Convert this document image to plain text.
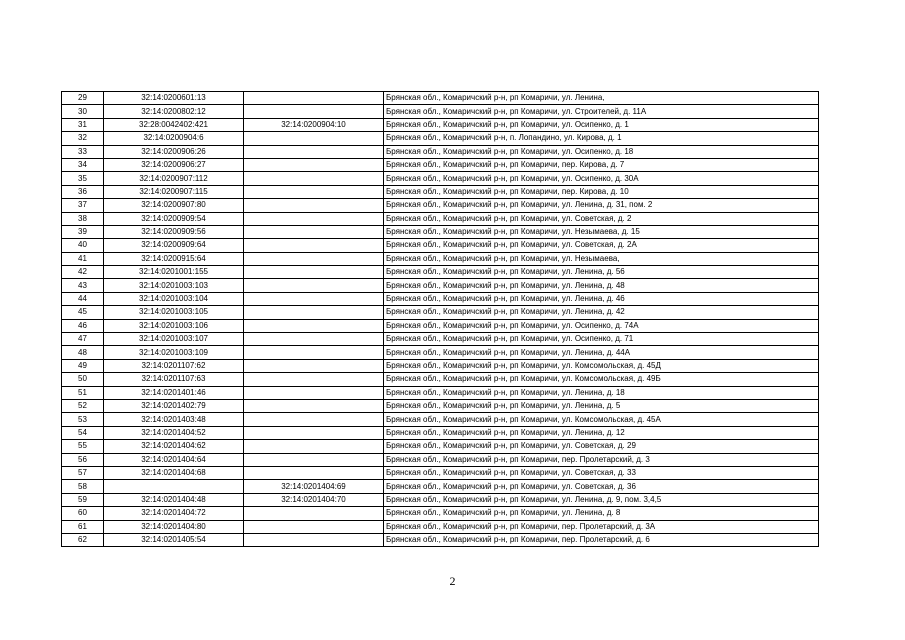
29	32:14:0200601:13		Брянская обл., Комаричский р-н, рп Комаричи, ул. Ленина,
30	32:14:0200802:12		Брянская обл., Комаричский р-н, рп Комаричи, ул. Строителей, д. 11А
31	32:28:0042402:421	32:14:0200904:10	Брянская обл., Комаричский р-н, рп Комаричи, ул. Осипенко, д. 1
32	32:14:0200904:6		Брянская обл., Комаричский р-н, п. Лопандино, ул. Кирова, д. 1
33	32:14:0200906:26		Брянская обл., Комаричский р-н, рп Комаричи, ул. Осипенко, д. 18
34	32:14:0200906:27		Брянская обл., Комаричский р-н, рп Комаричи, пер. Кирова, д. 7
35	32:14:0200907:112		Брянская обл., Комаричский р-н, рп Комаричи, ул. Осипенко, д. 30А
36	32:14:0200907:115		Брянская обл., Комаричский р-н, рп Комаричи, пер. Кирова, д. 10
37	32:14:0200907:80		Брянская обл., Комаричский р-н, рп Комаричи, ул. Ленина, д. 31, пом. 2
38	32:14:0200909:54		Брянская обл., Комаричский р-н, рп Комаричи, ул. Советская, д. 2
39	32:14:0200909:56		Брянская обл., Комаричский р-н, рп Комаричи, ул. Незымаева, д. 15
40	32:14:0200909:64		Брянская обл., Комаричский р-н, рп Комаричи, ул. Советская, д. 2А
41	32:14:0200915:64		Брянская обл., Комаричский р-н, рп Комаричи, ул. Незымаева,
42	32:14:0201001:155		Брянская обл., Комаричский р-н, рп Комаричи, ул. Ленина, д. 56
43	32:14:0201003:103		Брянская обл., Комаричский р-н, рп Комаричи, ул. Ленина, д. 48
44	32:14:0201003:104		Брянская обл., Комаричский р-н, рп Комаричи, ул. Ленина, д. 46
45	32:14:0201003:105		Брянская обл., Комаричский р-н, рп Комаричи, ул. Ленина, д. 42
46	32:14:0201003:106		Брянская обл., Комаричский р-н, рп Комаричи, ул. Осипенко, д. 74А
47	32:14:0201003:107		Брянская обл., Комаричский р-н, рп Комаричи, ул. Осипенко, д. 71
48	32:14:0201003:109		Брянская обл., Комаричский р-н, рп Комаричи, ул. Ленина, д. 44А
49	32:14:0201107:62		Брянская обл., Комаричский р-н, рп Комаричи, ул. Комсомольская, д. 45Д
50	32:14:0201107:63		Брянская обл., Комаричский р-н, рп Комаричи, ул. Комсомольская, д. 49Б
51	32:14:0201401:46		Брянская обл., Комаричский р-н, рп Комаричи, ул. Ленина, д. 18
52	32:14:0201402:79		Брянская обл., Комаричский р-н, рп Комаричи, ул. Ленина, д. 5
53	32:14:0201403:48		Брянская обл., Комаричский р-н, рп Комаричи, ул. Комсомольская, д. 45А
54	32:14:0201404:52		Брянская обл., Комаричский р-н, рп Комаричи, ул. Ленина, д. 12
55	32:14:0201404:62		Брянская обл., Комаричский р-н, рп Комаричи, ул. Советская, д. 29
56	32:14:0201404:64		Брянская обл., Комаричский р-н, рп Комаричи, пер. Пролетарский, д. 3
57	32:14:0201404:68		Брянская обл., Комаричский р-н, рп Комаричи, ул. Советская, д. 33
58		32:14:0201404:69	Брянская обл., Комаричский р-н, рп Комаричи, ул. Советская, д. 36
59	32:14:0201404:48	32:14:0201404:70	Брянская обл., Комаричский р-н, рп Комаричи, ул. Ленина, д. 9, пом. 3,4,5
60	32:14:0201404:72		Брянская обл., Комаричский р-н, рп Комаричи, ул. Ленина, д. 8
61	32:14:0201404:80		Брянская обл., Комаричский р-н, рп Комаричи, пер. Пролетарский, д. 3А
62	32:14:0201405:54		Брянская обл., Комаричский р-н, рп Комаричи, пер. Пролетарский, д. 6
2
